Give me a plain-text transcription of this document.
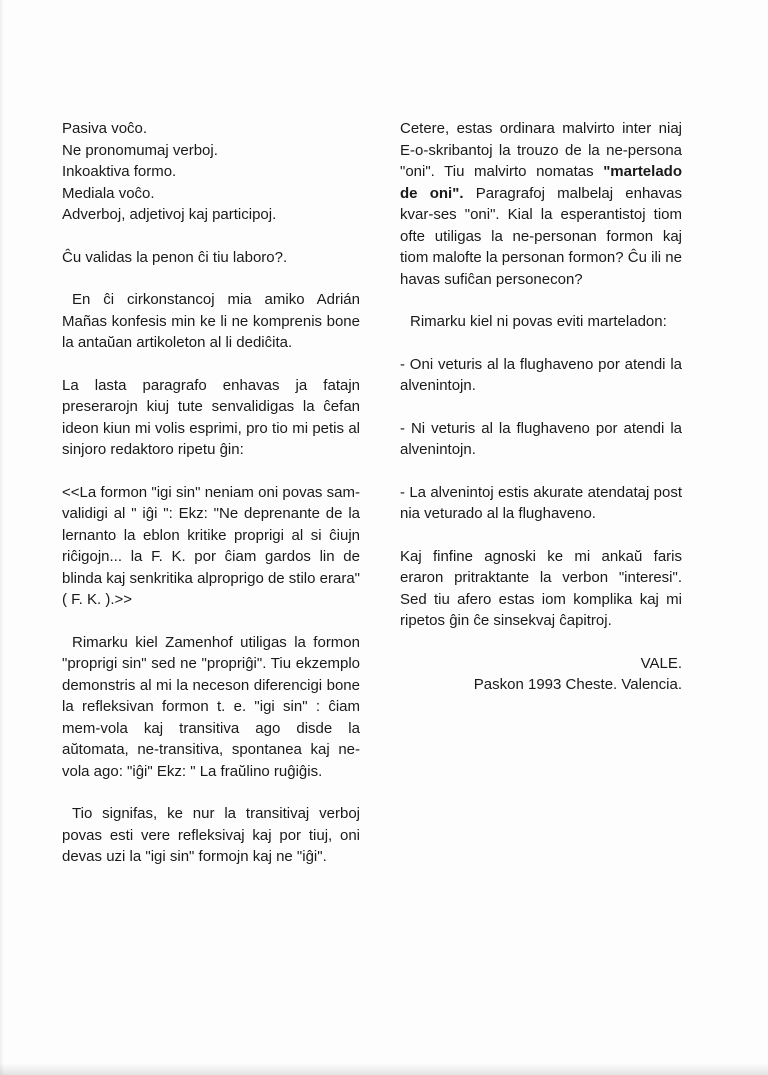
Pasiva voĉo.
Ne pronomumaj verboj.
Inkoaktiva formo.
Mediala voĉo.
Adverboj, adjetivoj kaj participoj.

Ĉu validas la penon ĉi tiu laboro?.

En ĉi cirkonstancoj mia amiko Adrián Mañas konfesis min ke li ne komprenis bone la antaŭan artikoleton al li dediĉita.

La lasta paragrafo enhavas ja fatajn preseraroјn kiuj tute senvalidigas la ĉefan ideon kiun mi volis esprimi, pro tio mi petis al sinjoro redaktoro ripetu ĝin:

<<La formon "igi sin" neniam oni povas sam-validigi al " iĝi ": Ekz: "Ne deprenante de la lernanto la eblon kritike proprigi al si ĉiujn riĉigojn... la F. K. por ĉiam gardos lin de blinda kaj senkritika alproprigo de stilo erara" ( F. K. ).>>

Rimarku kiel Zamenhof utiligas la formon "proprigi sin" sed ne "propriĝi". Tiu ekzemplo demonstris al mi la neceson diferencigi bone la refleksivan formon t. e. "igi sin" : ĉiam mem-vola kaj transitiva ago disde la aŭtomata, ne-transitiva, spontanea kaj ne-vola ago: "iĝi" Ekz: " La fraŭlino ruĝiĝis.

Tio signifas, ke nur la transitivaj verboj povas esti vere refleksivaj kaj por tiuj, oni devas uzi la "igi sin" formojn kaj ne "iĝi".

Cetere, estas ordinara malvirto inter niaj E-o-skribantoj la trouzo de la ne-persona "oni". Tiu malvirto nomatas "martelado de oni". Paragrafoj malbelaj enhavas kvar-ses "oni". Kial la esperantistoj tiom ofte utiligas la ne-personan formon kaj tiom malofte la personan formon? Ĉu ili ne havas sufiĉan personecon?

Rimarku kiel ni povas eviti marteladon:

- Oni veturis al la flughaveno por atendi la alvenintojn.

- Ni veturis al la flughaveno por atendi la alvenintojn.

- La alvenintoj estis akurate atendataj post nia veturado al la flughaveno.

Kaj finfine agnoski ke mi ankaŭ faris eraron pritraktante la verbon "interesi". Sed tiu afero estas iom komplika kaj mi ripetos ĝin ĉe sinsekvaj ĉapitroj.

VALE.

Paskon 1993 Cheste. Valencia.
